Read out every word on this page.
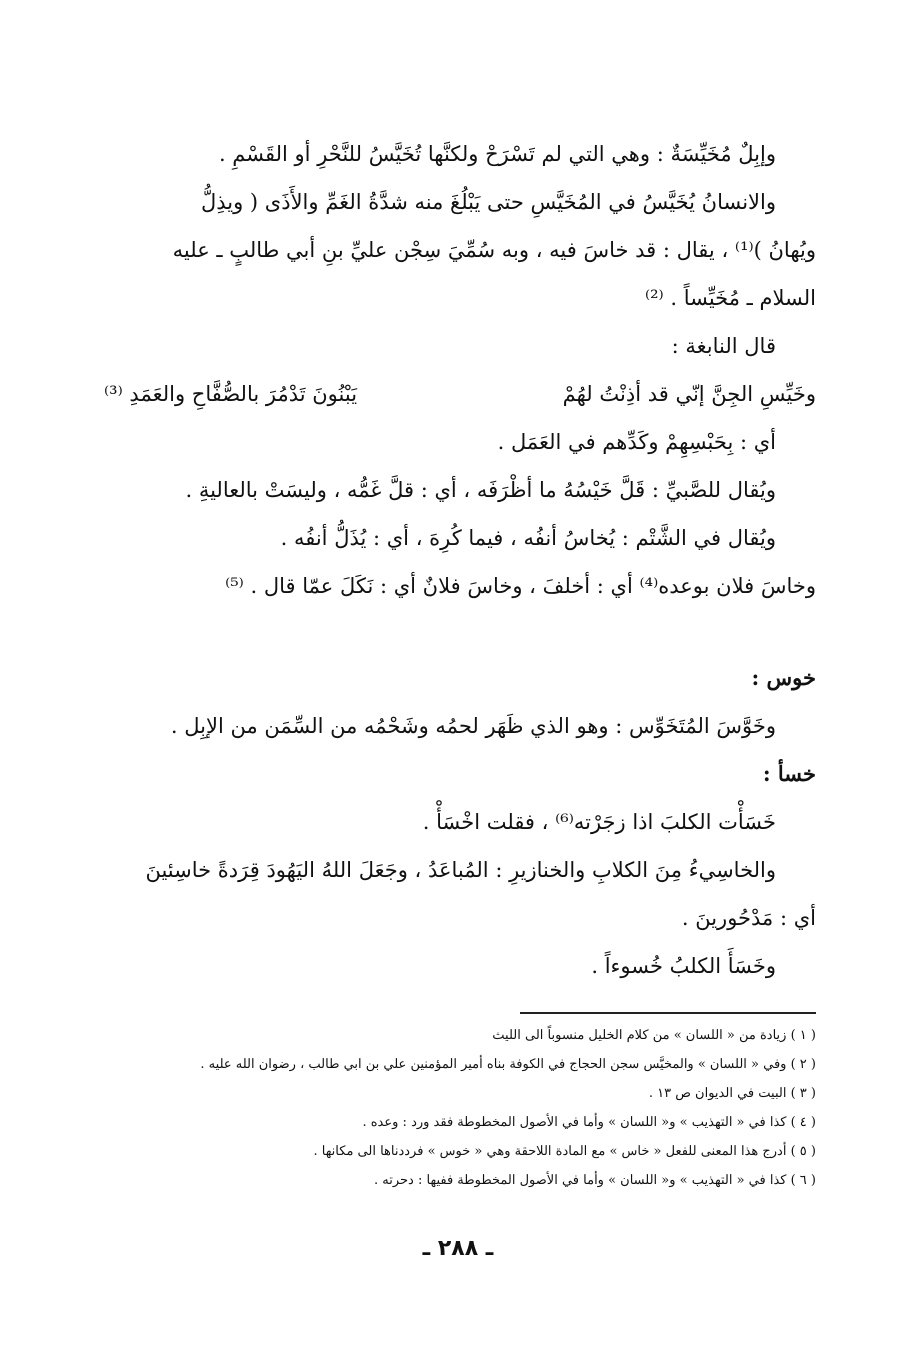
وإبِلٌ مُخَيِّسَةٌ : وهي التي لم تَسْرَحْ ولكنَّها تُخَيَّسُ للنَّحْرِ أو القَسْمِ .

والانسانُ يُخَيَّسُ في المُخَيَّسِ حتى يَبْلُغَ منه شدَّةُ الغَمِّ والأَذَى ( ويذِلُّ

ويُهانُ )⁽¹⁾ ، يقال : قد خاسَ فيه ، وبه سُمِّيَ سِجْن عليِّ بنِ أبي طالبٍ ـ عليه

السلام ـ مُخَيِّساً . ⁽²⁾

قال النابغة :

وخَيِّسِ الجِنَّ إنّي قد أذِنْتُ لهُمْ
يَبْنُونَ تَدْمُرَ بالصُّفَّاحِ والعَمَدِ ⁽³⁾

أي : بِحَبْسِهِمْ وكَدِّهم في العَمَل .

ويُقال للصَّبيِّ : قَلَّ خَيْسُهُ ما أظْرَفَه ، أي : قلَّ غَمُّه ، وليسَتْ بالعاليةِ .

ويُقال في الشَّتْم : يُخاسُ أنفُه ، فيما كُرِهَ ، أي : يُذَلُّ أنفُه .

وخاسَ فلان بوعده⁽⁴⁾ أي : أخلفَ ، وخاسَ فلانٌ أي : نَكَلَ عمّا قال . ⁽⁵⁾

خوس :

وخَوَّسَ المُتَخَوِّس : وهو الذي ظَهَر لحمُه وشَحْمُه من السِّمَن من الإبِل .

خسأ :

خَسَأْت الكلبَ اذا زجَرْته⁽⁶⁾ ، فقلت اخْسَأْ .

والخاسِيءُ مِنَ الكلابِ والخنازيرِ : المُباعَدُ ، وجَعَلَ اللهُ اليَهُودَ قِرَدةً خاسِئينَ

أي : مَدْحُورينَ .

وخَسَأَ الكلبُ خُسوءاً .

( ١ ) زيادة من « اللسان » من كلام الخليل منسوباً الى الليث

( ٢ ) وفي « اللسان » والمخيَّس سجن الحجاج في الكوفة بناه أمير المؤمنين علي بن ابي طالب ، رضوان الله عليه .

( ٣ ) البيت في الديوان ص ١٣ .

( ٤ ) كذا في « التهذيب » و« اللسان » وأما في الأصول المخطوطة فقد ورد : وعده .

( ٥ ) أدرج هذا المعنى للفعل « خاس » مع المادة اللاحقة وهي « خوس » فرددناها الى مكانها .

( ٦ ) كذا في « التهذيب » و« اللسان » وأما في الأصول المخطوطة ففيها : دحرته .

ـ ٢٨٨ ـ
